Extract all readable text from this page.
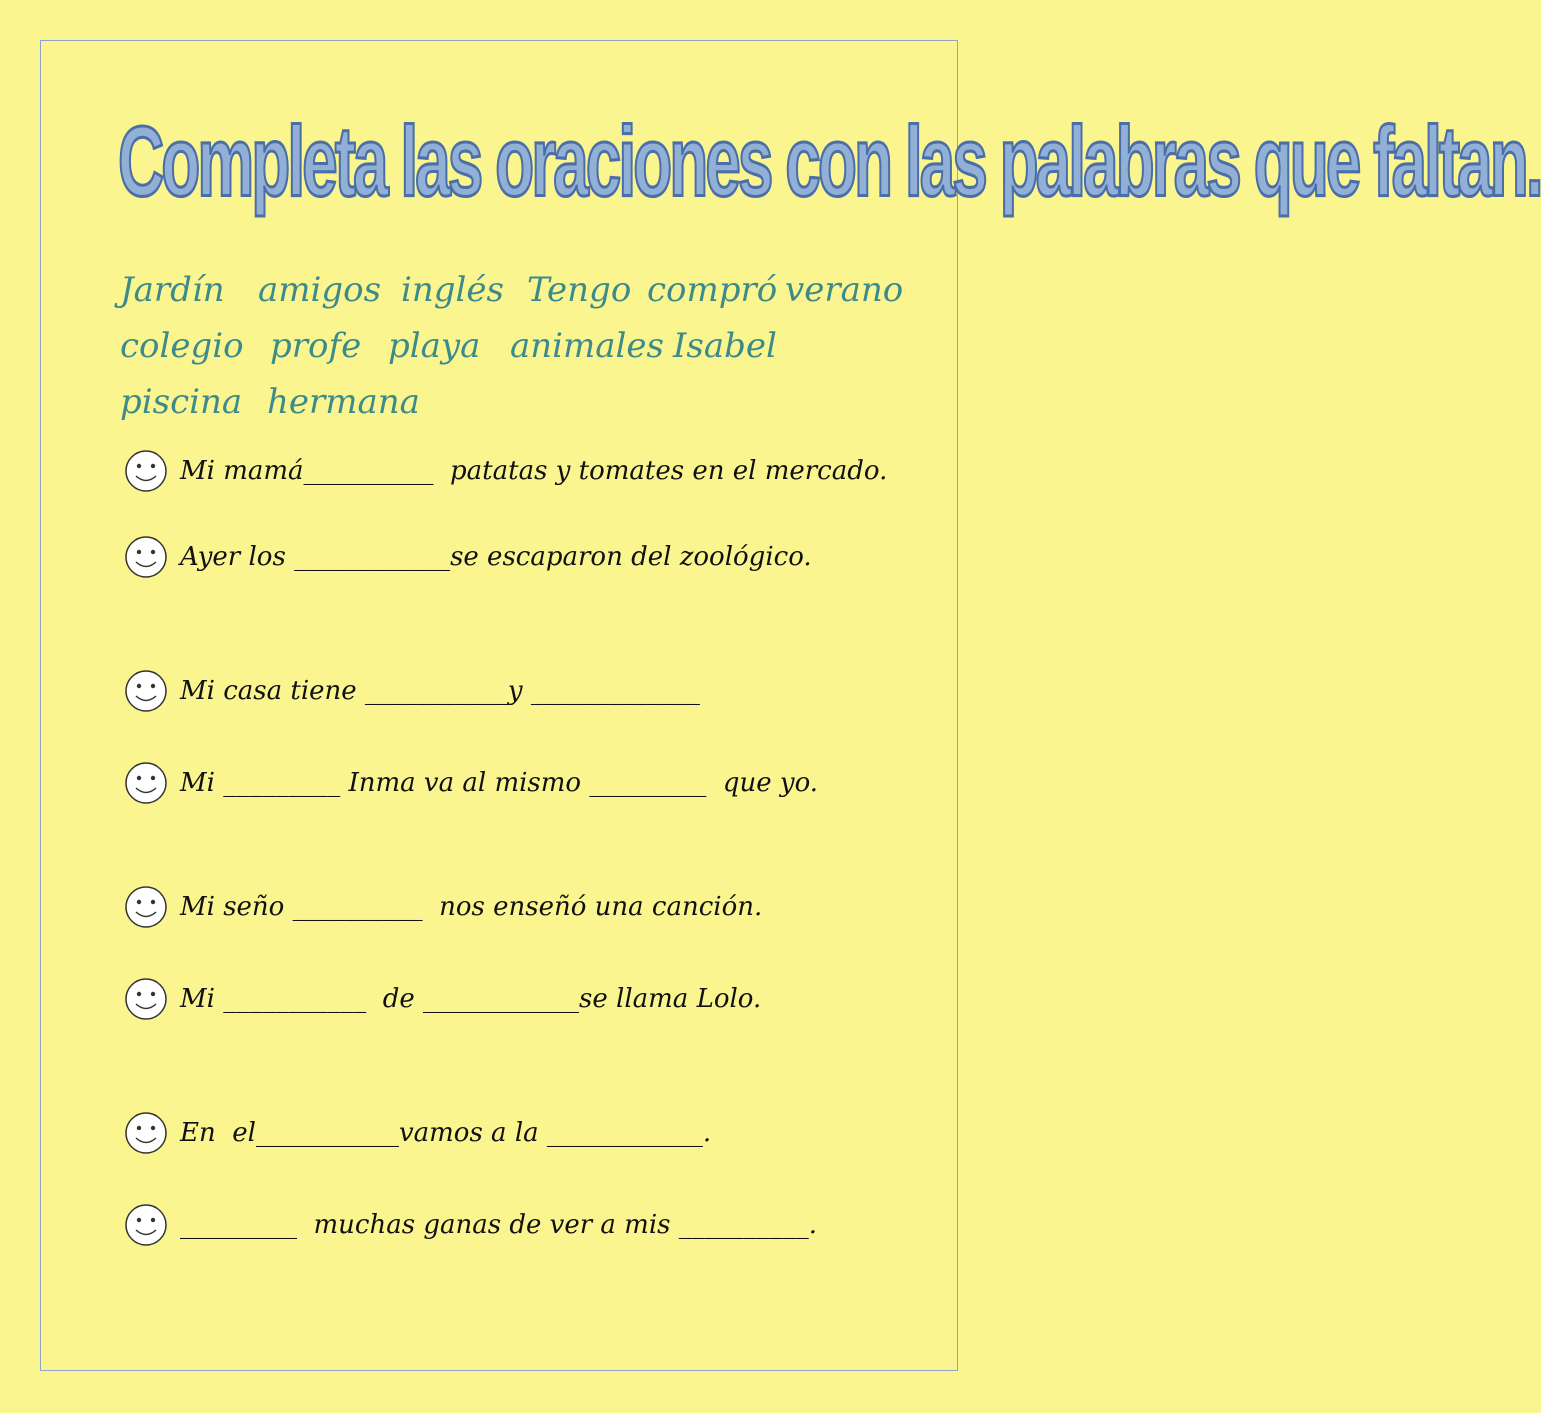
Completa las oraciones con las palabras que faltan.
Jardín amigos inglés Tengo compró verano
colegio profe playa animales Isabel
piscina hermana
Mi mamá__________  patatas y tomates en el mercado.
Ayer los ____________se escaparon del zoológico.
Mi casa tiene ___________y _____________
Mi _________ Inma va al mismo _________  que yo.
Mi seño __________  nos enseñó una canción.
Mi ___________  de ____________se llama Lolo.
En  el___________vamos a la ____________.
_________  muchas ganas de ver a mis __________.
